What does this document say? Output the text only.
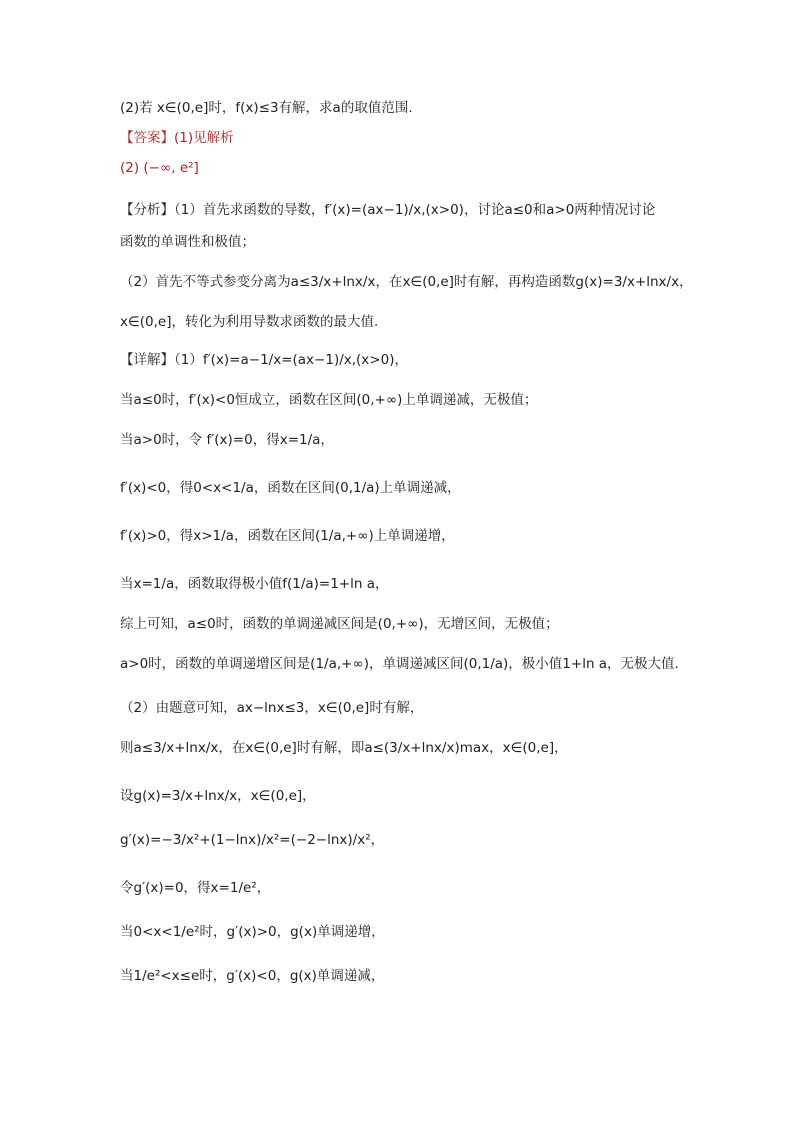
(2)若 x∈(0,e]时，f(x)≤3有解，求a的取值范围.
【答案】(1)见解析
(2) (−∞, e²]
【分析】（1）首先求函数的导数，f′(x)=(ax−1)/x,(x>0)，讨论a≤0和a>0两种情况讨论
函数的单调性和极值；
（2）首先不等式参变分离为a≤3/x+lnx/x，在x∈(0,e]时有解，再构造函数g(x)=3/x+lnx/x，
x∈(0,e]，转化为利用导数求函数的最大值.
【详解】（1）f′(x)=a−1/x=(ax−1)/x,(x>0)，
当a≤0时，f′(x)<0恒成立，函数在区间(0,+∞)上单调递减，无极值；
当a>0时，令 f′(x)=0，得x=1/a，
f′(x)<0，得0<x<1/a，函数在区间(0,1/a)上单调递减，
f′(x)>0，得x>1/a，函数在区间(1/a,+∞)上单调递增，
当x=1/a，函数取得极小值f(1/a)=1+ln a，
综上可知，a≤0时，函数的单调递减区间是(0,+∞)，无增区间，无极值；
a>0时，函数的单调递增区间是(1/a,+∞)，单调递减区间(0,1/a)，极小值1+ln a，无极大值.
（2）由题意可知，ax−lnx≤3，x∈(0,e]时有解，
则a≤3/x+lnx/x，在x∈(0,e]时有解，即a≤(3/x+lnx/x)max，x∈(0,e]，
设g(x)=3/x+lnx/x，x∈(0,e]，
g′(x)=−3/x²+(1−lnx)/x²=(−2−lnx)/x²，
令g′(x)=0，得x=1/e²，
当0<x<1/e²时，g′(x)>0，g(x)单调递增，
当1/e²<x≤e时，g′(x)<0，g(x)单调递减，
